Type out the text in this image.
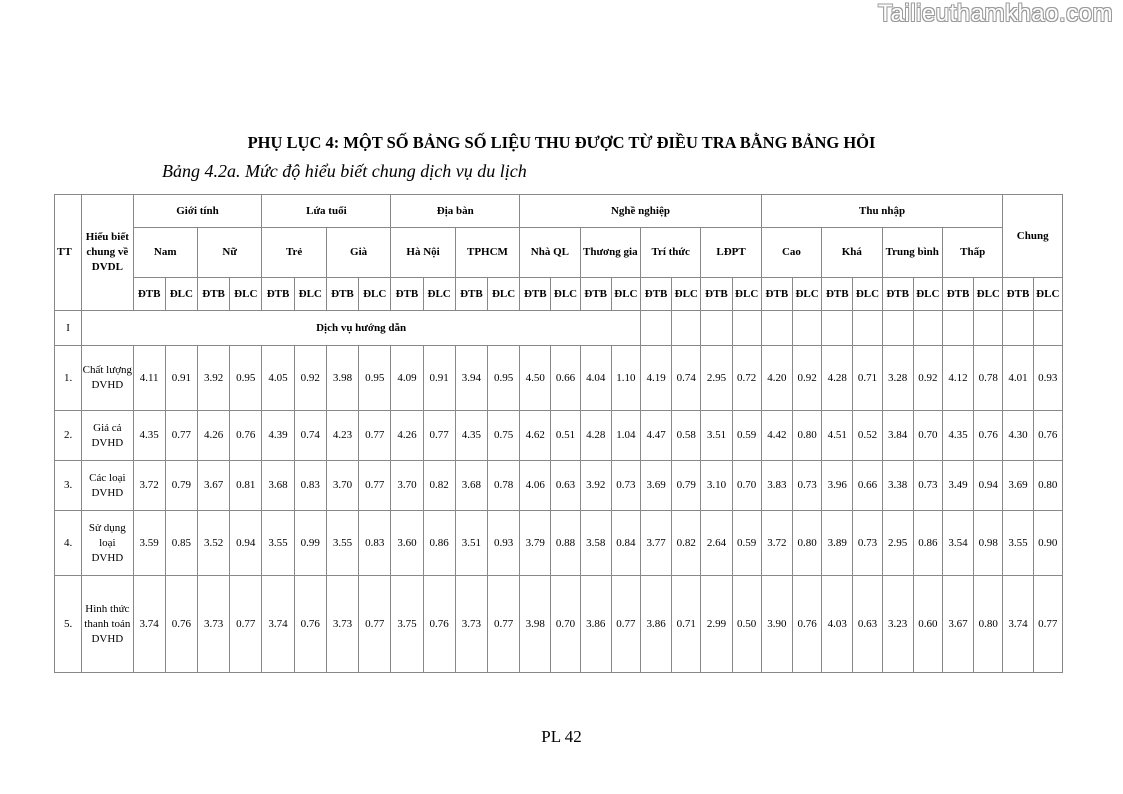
Tailieuthamkhao.com
PHỤ LỤC 4: MỘT SỐ BẢNG SỐ LIỆU THU ĐƯỢC TỪ ĐIỀU TRA BẰNG BẢNG HỎI
Bảng 4.2a. Mức độ hiểu biết chung dịch vụ du lịch
TT	Hiểu biết chung về DVDL	Giới tính				Lứa tuổi				Địa bàn				Nghề nghiệp								Thu nhập								Chung	
		Nam		Nữ		Trẻ		Già		Hà Nội		TPHCM		Nhà QL		Thương gia		Trí thức		LĐPT		Cao		Khá		Trung bình		Thấp			
		ĐTB	ĐLC	ĐTB	ĐLC	ĐTB	ĐLC	ĐTB	ĐLC	ĐTB	ĐLC	ĐTB	ĐLC	ĐTB	ĐLC	ĐTB	ĐLC	ĐTB	ĐLC	ĐTB	ĐLC	ĐTB	ĐLC	ĐTB	ĐLC	ĐTB	ĐLC	ĐTB	ĐLC	ĐTB	ĐLC
I	Dịch vụ hướng dẫn																														
1.	Chất lượng DVHD	4.11	0.91	3.92	0.95	4.05	0.92	3.98	0.95	4.09	0.91	3.94	0.95	4.50	0.66	4.04	1.10	4.19	0.74	2.95	0.72	4.20	0.92	4.28	0.71	3.28	0.92	4.12	0.78	4.01	0.93
2.	Giá cả DVHD	4.35	0.77	4.26	0.76	4.39	0.74	4.23	0.77	4.26	0.77	4.35	0.75	4.62	0.51	4.28	1.04	4.47	0.58	3.51	0.59	4.42	0.80	4.51	0.52	3.84	0.70	4.35	0.76	4.30	0.76
3.	Các loại DVHD	3.72	0.79	3.67	0.81	3.68	0.83	3.70	0.77	3.70	0.82	3.68	0.78	4.06	0.63	3.92	0.73	3.69	0.79	3.10	0.70	3.83	0.73	3.96	0.66	3.38	0.73	3.49	0.94	3.69	0.80
4.	Sử dụng loại DVHD	3.59	0.85	3.52	0.94	3.55	0.99	3.55	0.83	3.60	0.86	3.51	0.93	3.79	0.88	3.58	0.84	3.77	0.82	2.64	0.59	3.72	0.80	3.89	0.73	2.95	0.86	3.54	0.98	3.55	0.90
5.	Hình thức thanh toán DVHD	3.74	0.76	3.73	0.77	3.74	0.76	3.73	0.77	3.75	0.76	3.73	0.77	3.98	0.70	3.86	0.77	3.86	0.71	2.99	0.50	3.90	0.76	4.03	0.63	3.23	0.60	3.67	0.80	3.74	0.77
PL 42
